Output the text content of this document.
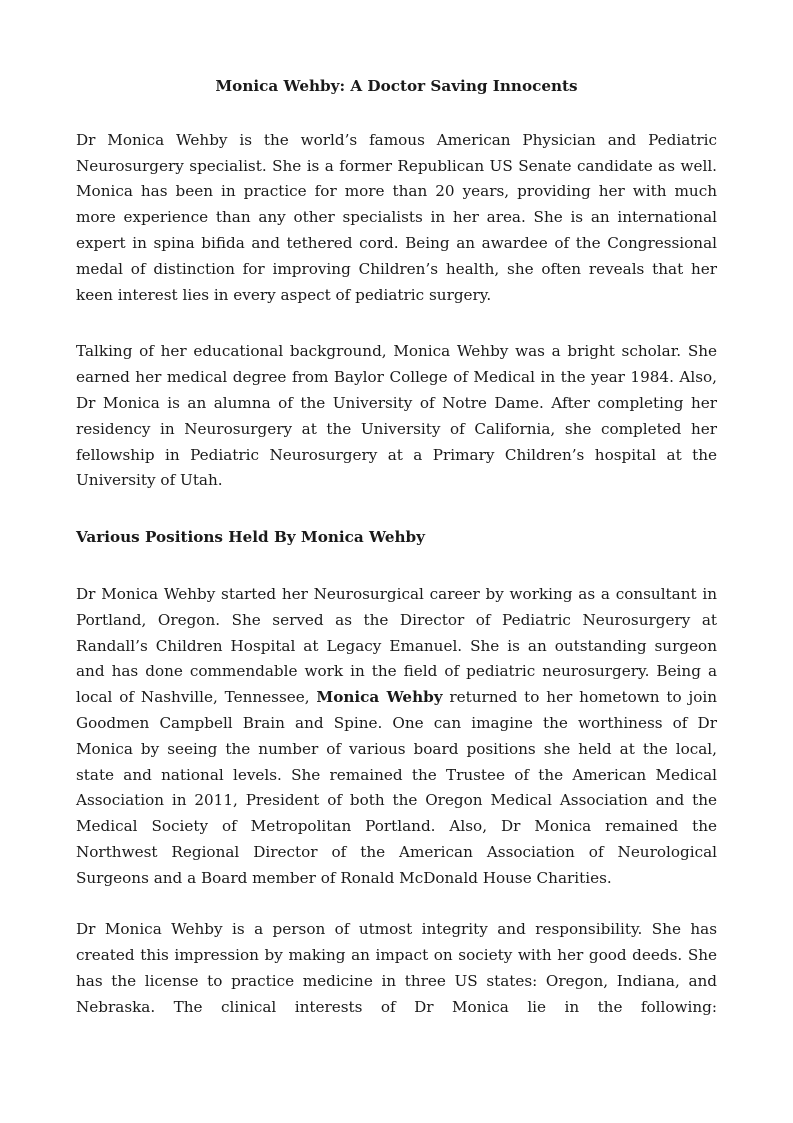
Monica Wehby: A Doctor Saving Innocents

Dr Monica Wehby is the world’s famous American Physician and Pediatric Neurosurgery specialist. She is a former Republican US Senate candidate as well. Monica has been in practice for more than 20 years, providing her with much more experience than any other specialists in her area. She is an international expert in spina bifida and tethered cord. Being an awardee of the Congressional medal of distinction for improving Children’s health, she often reveals that her keen interest lies in every aspect of pediatric surgery.

Talking of her educational background, Monica Wehby was a bright scholar. She earned her medical degree from Baylor College of Medical in the year 1984. Also, Dr Monica is an alumna of the University of Notre Dame. After completing her residency in Neurosurgery at the University of California, she completed her fellowship in Pediatric Neurosurgery at a Primary Children’s hospital at the University of Utah.

Various Positions Held By Monica Wehby

Dr Monica Wehby started her Neurosurgical career by working as a consultant in Portland, Oregon. She served as the Director of Pediatric Neurosurgery at Randall’s Children Hospital at Legacy Emanuel. She is an outstanding surgeon and has done commendable work in the field of pediatric neurosurgery. Being a local of Nashville, Tennessee, Monica Wehby returned to her hometown to join Goodmen Campbell Brain and Spine. One can imagine the worthiness of Dr Monica by seeing the number of various board positions she held at the local, state and national levels. She remained the Trustee of the American Medical Association in 2011, President of both the Oregon Medical Association and the Medical Society of Metropolitan Portland. Also, Dr Monica remained the Northwest Regional Director of the American Association of Neurological Surgeons and a Board member of Ronald McDonald House Charities.

Dr Monica Wehby is a person of utmost integrity and responsibility. She has created this impression by making an impact on society with her good deeds. She has the license to practice medicine in three US states: Oregon, Indiana, and Nebraska. The clinical interests of Dr Monica lie in the following:
